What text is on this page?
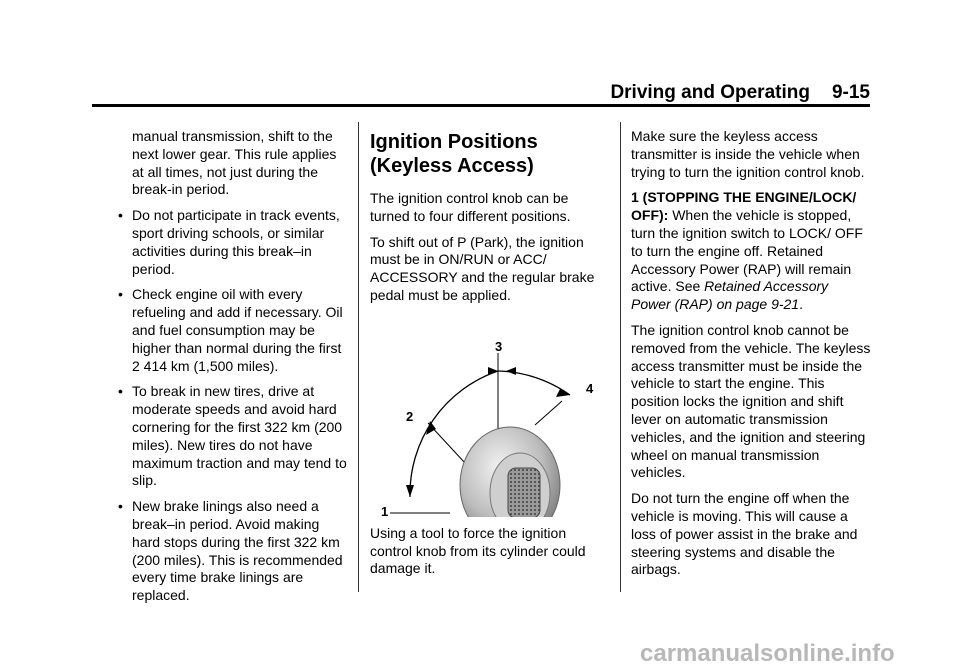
Driving and Operating 9-15

manual transmission, shift to the next lower gear. This rule applies at all times, not just during the break-in period.

• Do not participate in track events, sport driving schools, or similar activities during this break–in period.

• Check engine oil with every refueling and add if necessary. Oil and fuel consumption may be higher than normal during the first 2 414 km (1,500 miles).

• To break in new tires, drive at moderate speeds and avoid hard cornering for the first 322 km (200 miles). New tires do not have maximum traction and may tend to slip.

• New brake linings also need a break–in period. Avoid making hard stops during the first 322 km (200 miles). This is recommended every time brake linings are replaced.

Ignition Positions (Keyless Access)

The ignition control knob can be turned to four different positions.

To shift out of P (Park), the ignition must be in ON/RUN or ACC/ ACCESSORY and the regular brake pedal must be applied.

1
2
3
4

Using a tool to force the ignition control knob from its cylinder could damage it.

Make sure the keyless access transmitter is inside the vehicle when trying to turn the ignition control knob.

1 (STOPPING THE ENGINE/LOCK/ OFF): When the vehicle is stopped, turn the ignition switch to LOCK/ OFF to turn the engine off. Retained Accessory Power (RAP) will remain active. See Retained Accessory Power (RAP) on page 9-21.

The ignition control knob cannot be removed from the vehicle. The keyless access transmitter must be inside the vehicle to start the engine. This position locks the ignition and shift lever on automatic transmission vehicles, and the ignition and steering wheel on manual transmission vehicles.

Do not turn the engine off when the vehicle is moving. This will cause a loss of power assist in the brake and steering systems and disable the airbags.

carmanualsonline.info
